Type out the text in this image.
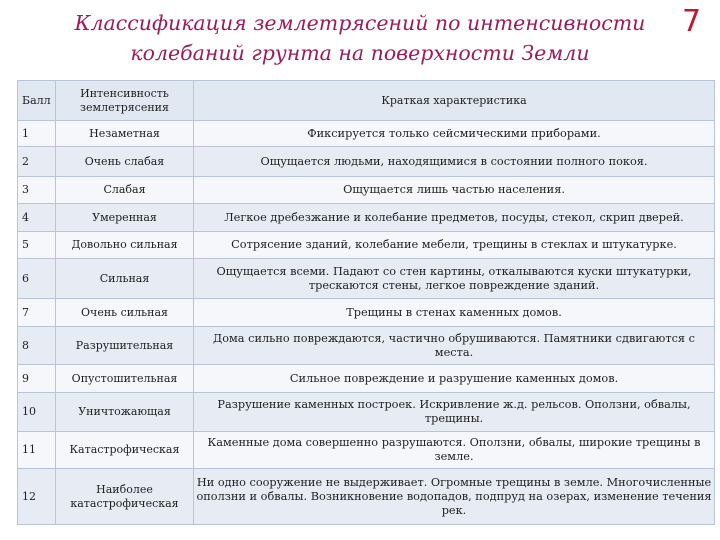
Классификация землетрясений по интенсивности
колебаний грунта на поверхности Земли
7
Балл	Интенсивность землетрясения	Краткая характеристика
1	Незаметная	Фиксируется только сейсмическими приборами.
2	Очень слабая	Ощущается людьми, находящимися в состоянии полного покоя.
3	Слабая	Ощущается лишь частью населения.
4	Умеренная	Легкое дребезжание и колебание предметов, посуды, стекол, скрип дверей.
5	Довольно сильная	Сотрясение зданий, колебание мебели, трещины в стеклах и штукатурке.
6	Сильная	Ощущается всеми. Падают со стен картины, откалываются куски штукатурки, трескаются стены, легкое повреждение зданий.
7	Очень сильная	Трещины в стенах каменных домов.
8	Разрушительная	Дома сильно повреждаются, частично обрушиваются. Памятники сдвигаются с места.
9	Опустошительная	Сильное повреждение и разрушение каменных домов.
10	Уничтожающая	Разрушение каменных построек. Искривление ж.д. рельсов. Оползни, обвалы, трещины.
11	Катастрофическая	Каменные дома совершенно разрушаются. Оползни, обвалы, широкие трещины в земле.
12	Наиболее катастрофическая	Ни одно сооружение не выдерживает. Огромные трещины в земле. Многочисленные оползни и обвалы. Возникновение водопадов, подпруд на озерах, изменение течения рек.
